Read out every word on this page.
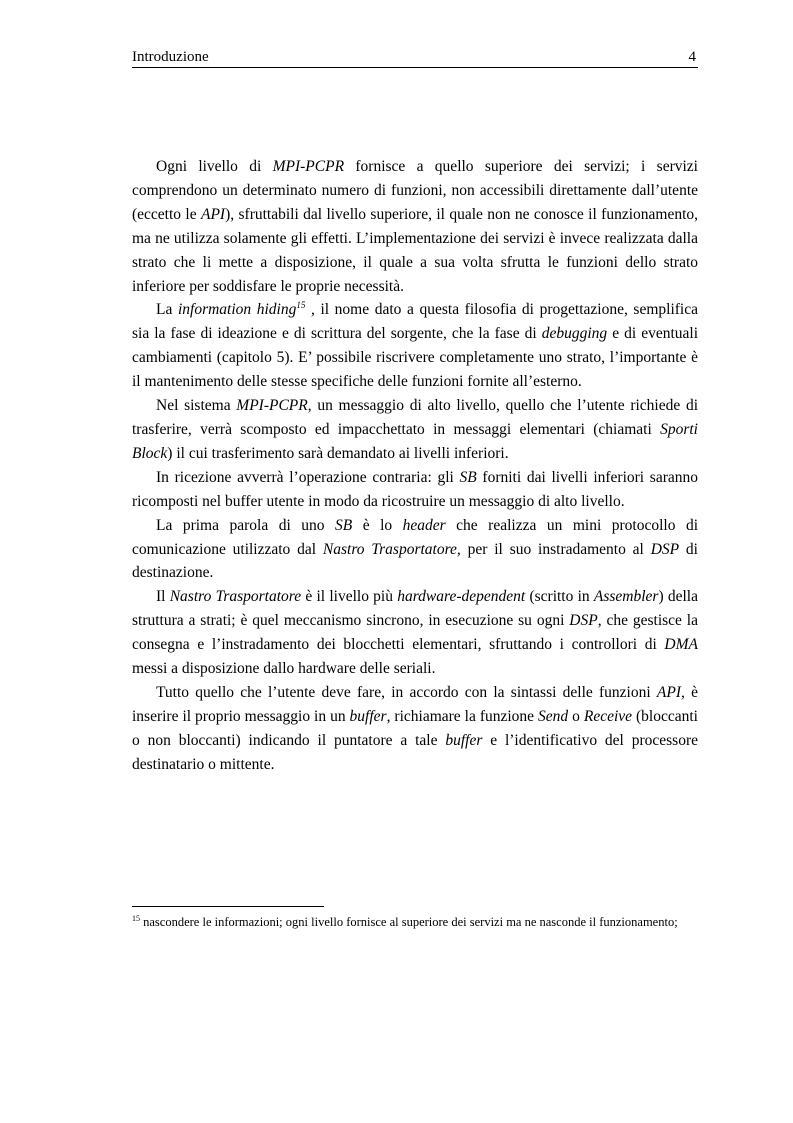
Introduzione	4

Ogni livello di MPI-PCPR fornisce a quello superiore dei servizi; i servizi comprendono un determinato numero di funzioni, non accessibili direttamente dall’utente (eccetto le API), sfruttabili dal livello superiore, il quale non ne conosce il funzionamento, ma ne utilizza solamente gli effetti. L’implementazione dei servizi è invece realizzata dalla strato che li mette a disposizione, il quale a sua volta sfrutta le funzioni dello strato inferiore per soddisfare le proprie necessità.

La information hiding$^{15}$ , il nome dato a questa filosofia di progettazione, semplifica sia la fase di ideazione e di scrittura del sorgente, che la fase di debugging e di eventuali cambiamenti (capitolo 5). E’ possibile riscrivere completamente uno strato, l’importante è il mantenimento delle stesse specifiche delle funzioni fornite all’esterno.

Nel sistema MPI-PCPR, un messaggio di alto livello, quello che l’utente richiede di trasferire, verrà scomposto ed impacchettato in messaggi elementari (chiamati Sporti Block) il cui trasferimento sarà demandato ai livelli inferiori.

In ricezione avverrà l’operazione contraria: gli SB forniti dai livelli inferiori saranno ricomposti nel buffer utente in modo da ricostruire un messaggio di alto livello.

La prima parola di uno SB è lo header che realizza un mini protocollo di comunicazione utilizzato dal Nastro Trasportatore, per il suo instradamento al DSP di destinazione.

Il Nastro Trasportatore è il livello più hardware-dependent (scritto in Assembler) della struttura a strati; è quel meccanismo sincrono, in esecuzione su ogni DSP, che gestisce la consegna e l’instradamento dei blocchetti elementari, sfruttando i controllori di DMA messi a disposizione dallo hardware delle seriali.

Tutto quello che l’utente deve fare, in accordo con la sintassi delle funzioni API, è inserire il proprio messaggio in un buffer, richiamare la funzione Send o Receive (bloccanti o non bloccanti) indicando il puntatore a tale buffer e l’identificativo del processore destinatario o mittente.

$^{15}$ nascondere le informazioni; ogni livello fornisce al superiore dei servizi ma ne nasconde il funzionamento;
